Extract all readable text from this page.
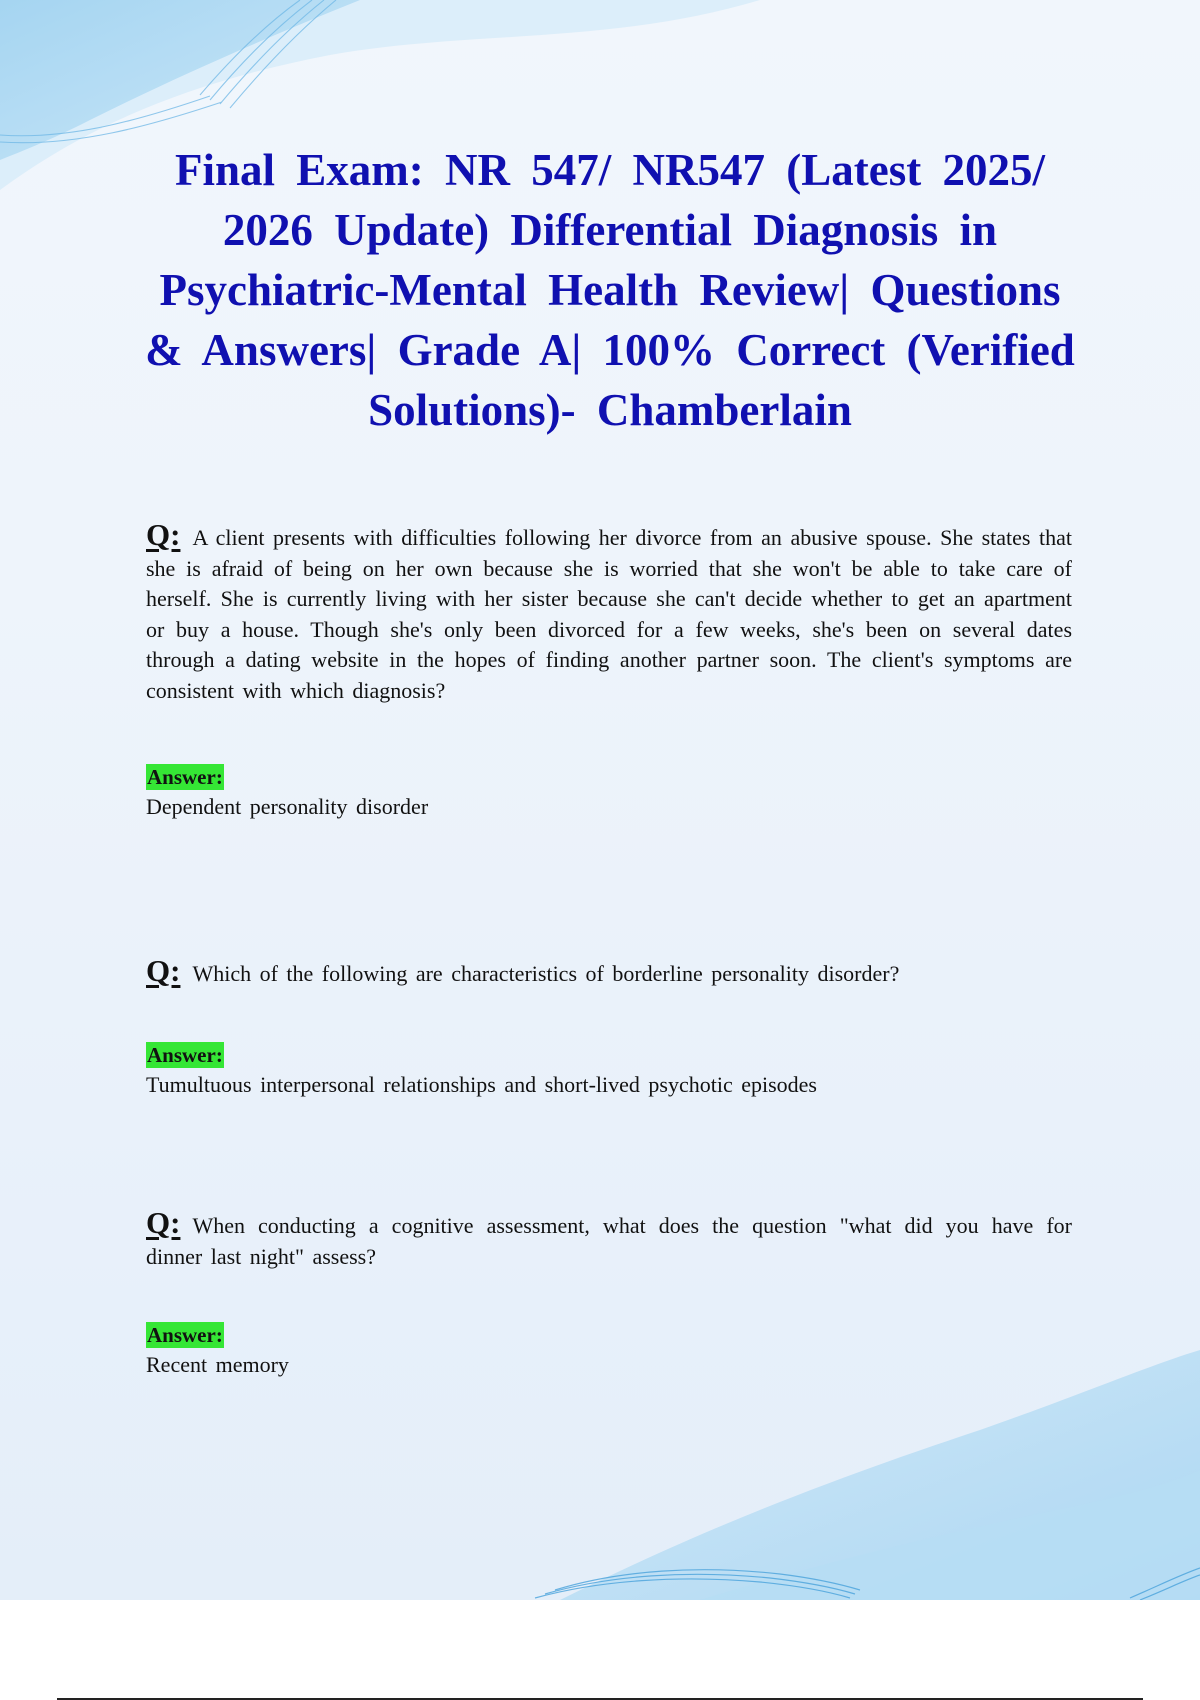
Final Exam: NR 547/ NR547 (Latest 2025/ 2026 Update) Differential Diagnosis in Psychiatric-Mental Health Review| Questions & Answers| Grade A| 100% Correct (Verified Solutions)- Chamberlain

Q: A client presents with difficulties following her divorce from an abusive spouse. She states that she is afraid of being on her own because she is worried that she won't be able to take care of herself. She is currently living with her sister because she can't decide whether to get an apartment or buy a house. Though she's only been divorced for a few weeks, she's been on several dates through a dating website in the hopes of finding another partner soon. The client's symptoms are consistent with which diagnosis?

Answer:

Dependent personality disorder

Q: Which of the following are characteristics of borderline personality disorder?

Answer:

Tumultuous interpersonal relationships and short-lived psychotic episodes

Q: When conducting a cognitive assessment, what does the question "what did you have for dinner last night" assess?

Answer:

Recent memory
